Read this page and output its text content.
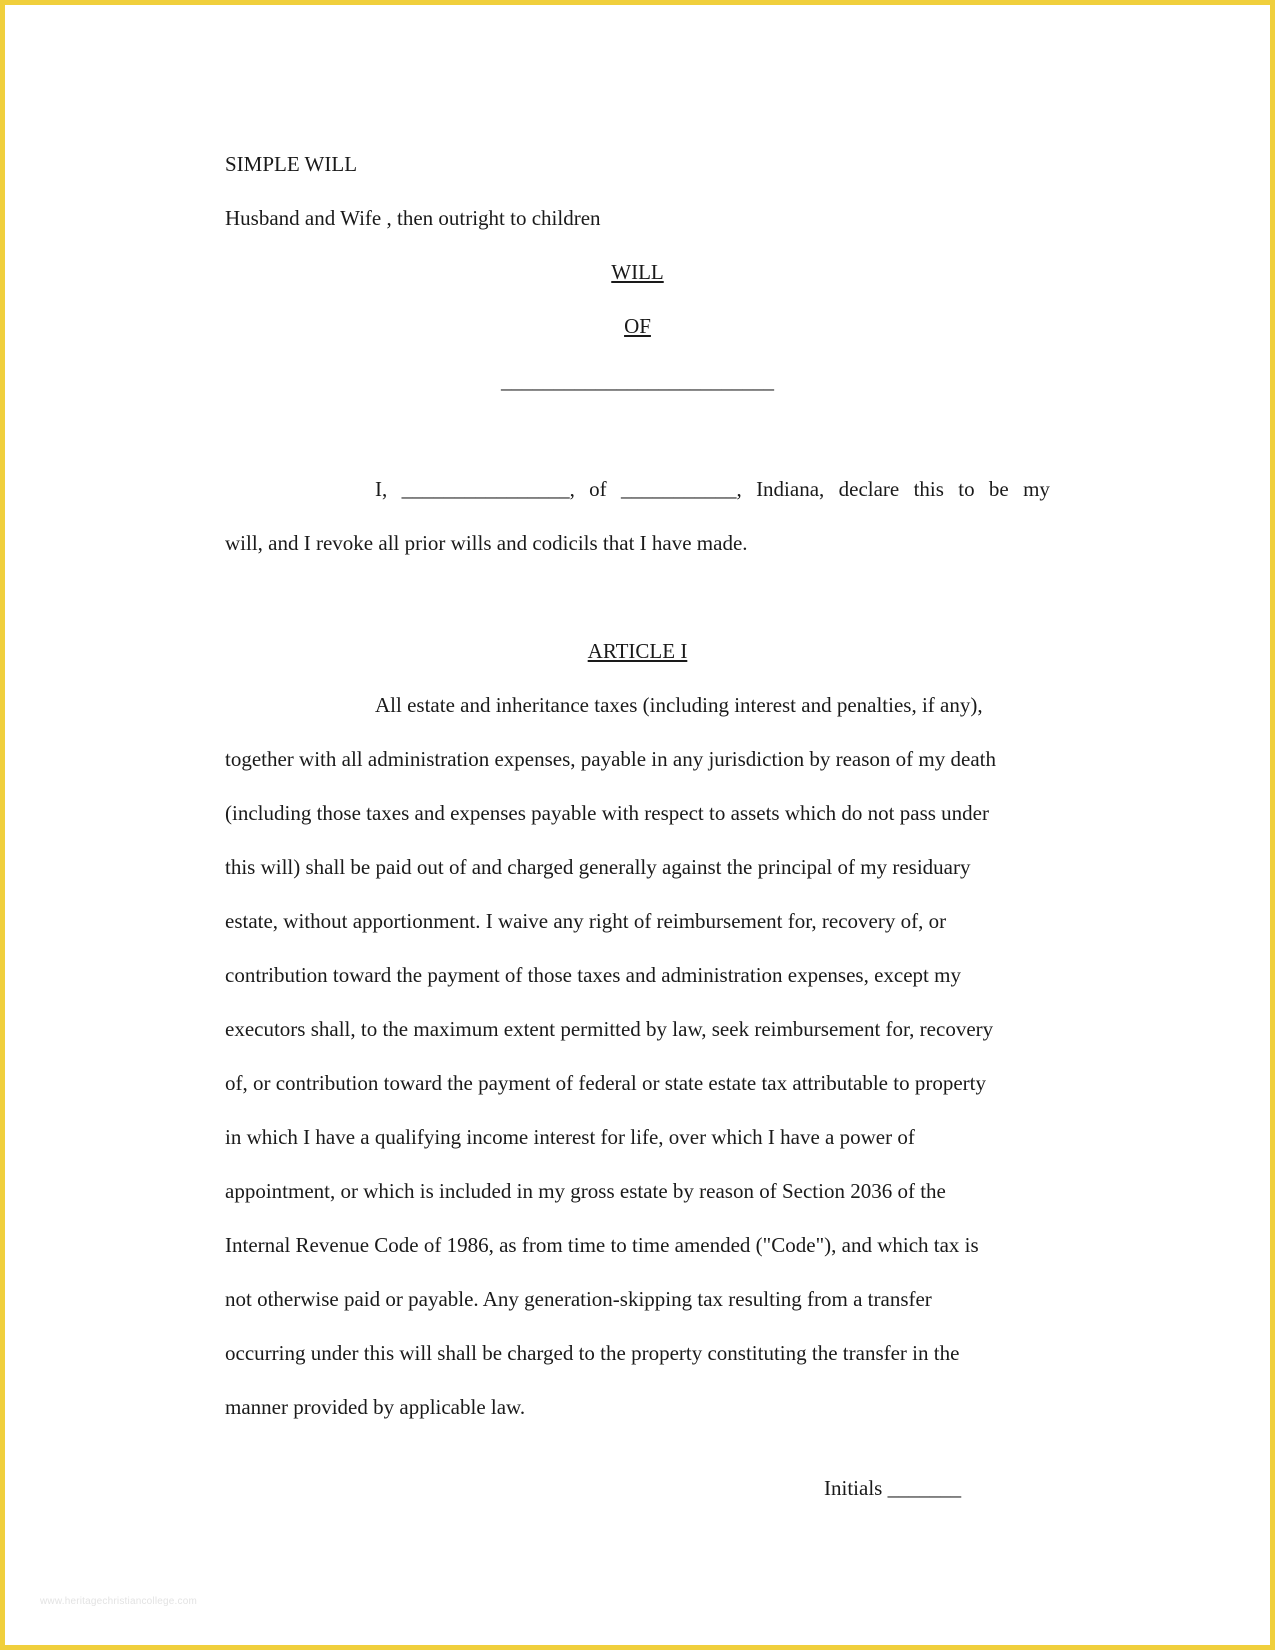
SIMPLE WILL
Husband and Wife , then outright to children
WILL
OF
__________________________
I, ________________, of ___________, Indiana, declare this to be my
will, and I revoke all prior wills and codicils that I have made.
ARTICLE I
All estate and inheritance taxes (including interest and penalties, if any),
together with all administration expenses, payable in any jurisdiction by reason of my death
(including those taxes and expenses payable with respect to assets which do not pass under
this will) shall be paid out of and charged generally against the principal of my residuary
estate, without apportionment. I waive any right of reimbursement for, recovery of, or
contribution toward the payment of those taxes and administration expenses, except my
executors shall, to the maximum extent permitted by law, seek reimbursement for, recovery
of, or contribution toward the payment of federal or state estate tax attributable to property
in which I have a qualifying income interest for life, over which I have a power of
appointment, or which is included in my gross estate by reason of Section 2036 of the
Internal Revenue Code of 1986, as from time to time amended ("Code"), and which tax is
not otherwise paid or payable. Any generation-skipping tax resulting from a transfer
occurring under this will shall be charged to the property constituting the transfer in the
manner provided by applicable law.
Initials _______
www.heritagechristiancollege.com
